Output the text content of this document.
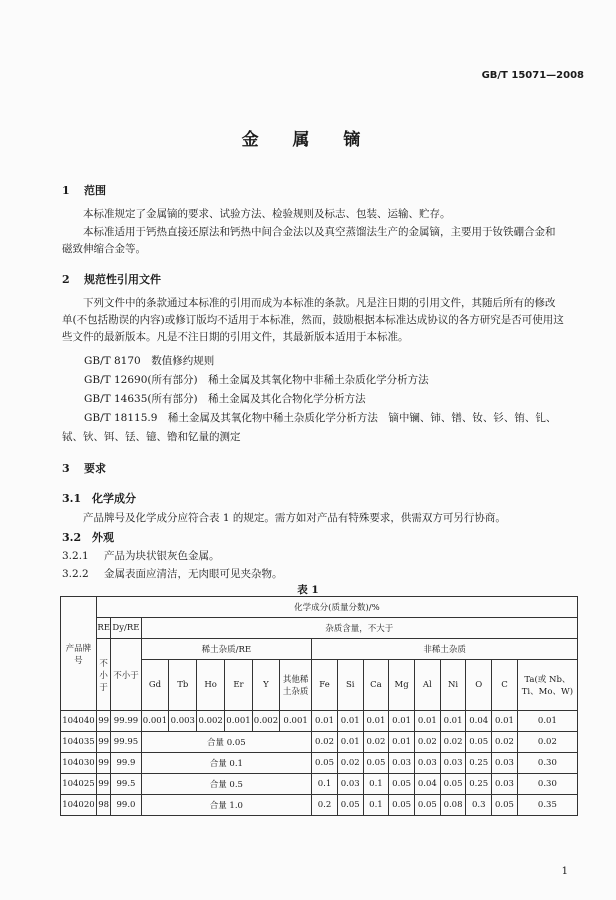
GB/T 15071—2008
金 属 镝
1 范围
本标准规定了金属镝的要求、试验方法、检验规则及标志、包装、运输、贮存。
本标准适用于钙热直接还原法和钙热中间合金法以及真空蒸馏法生产的金属镝，主要用于钕铁硼合金和磁致伸缩合金等。
2 规范性引用文件
下列文件中的条款通过本标准的引用而成为本标准的条款。凡是注日期的引用文件，其随后所有的修改单(不包括勘误的内容)或修订版均不适用于本标准，然而，鼓励根据本标准达成协议的各方研究是否可使用这些文件的最新版本。凡是不注日期的引用文件，其最新版本适用于本标准。
GB/T 8170　数值修约规则
GB/T 12690(所有部分)　稀土金属及其氧化物中非稀土杂质化学分析方法
GB/T 14635(所有部分)　稀土金属及其化合物化学分析方法
GB/T 18115.9　稀土金属及其氧化物中稀土杂质化学分析方法　镝中镧、铈、镨、钕、钐、铕、钆、
铽、钬、铒、铥、镱、镥和钇量的测定
3 要求
3.1 化学成分
产品牌号及化学成分应符合表 1 的规定。需方如对产品有特殊要求，供需双方可另行协商。
3.2 外观
3.2.1 产品为块状银灰色金属。
3.2.2 金属表面应清洁，无肉眼可见夹杂物。
表 1
产品牌号	化学成分(质量分数)/%																
	RE	Dy/RE	杂质含量，不大于														
	不小于	不小于	稀土杂质/RE						非稀土杂质								
			Gd	Tb	Ho	Er	Y	其他稀土杂质	Fe	Si	Ca	Mg	Al	Ni	O	C	Ta(或 Nb、Ti、Mo、W)
104040	99	99.99	0.001	0.003	0.002	0.001	0.002	0.001	0.01	0.01	0.01	0.01	0.01	0.01	0.04	0.01	0.01
104035	99	99.95	合量 0.05						0.02	0.01	0.02	0.01	0.02	0.02	0.05	0.02	0.02
104030	99	99.9	合量 0.1						0.05	0.02	0.05	0.03	0.03	0.03	0.25	0.03	0.30
104025	99	99.5	合量 0.5						0.1	0.03	0.1	0.05	0.04	0.05	0.25	0.03	0.30
104020	98	99.0	合量 1.0						0.2	0.05	0.1	0.05	0.05	0.08	0.3	0.05	0.35
1
